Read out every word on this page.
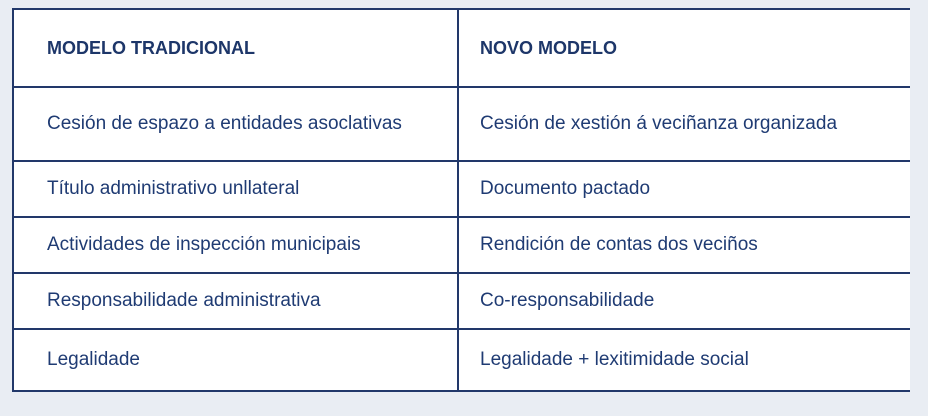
MODELO TRADICIONAL	NOVO MODELO
Cesión de espazo a entidades asoclativas	Cesión de xestión á veciñanza organizada
Título administrativo unllateral	Documento pactado
Actividades de inspección municipais	Rendición de contas dos veciños
Responsabilidade administrativa	Co-responsabilidade
Legalidade	Legalidade + lexitimidade social
